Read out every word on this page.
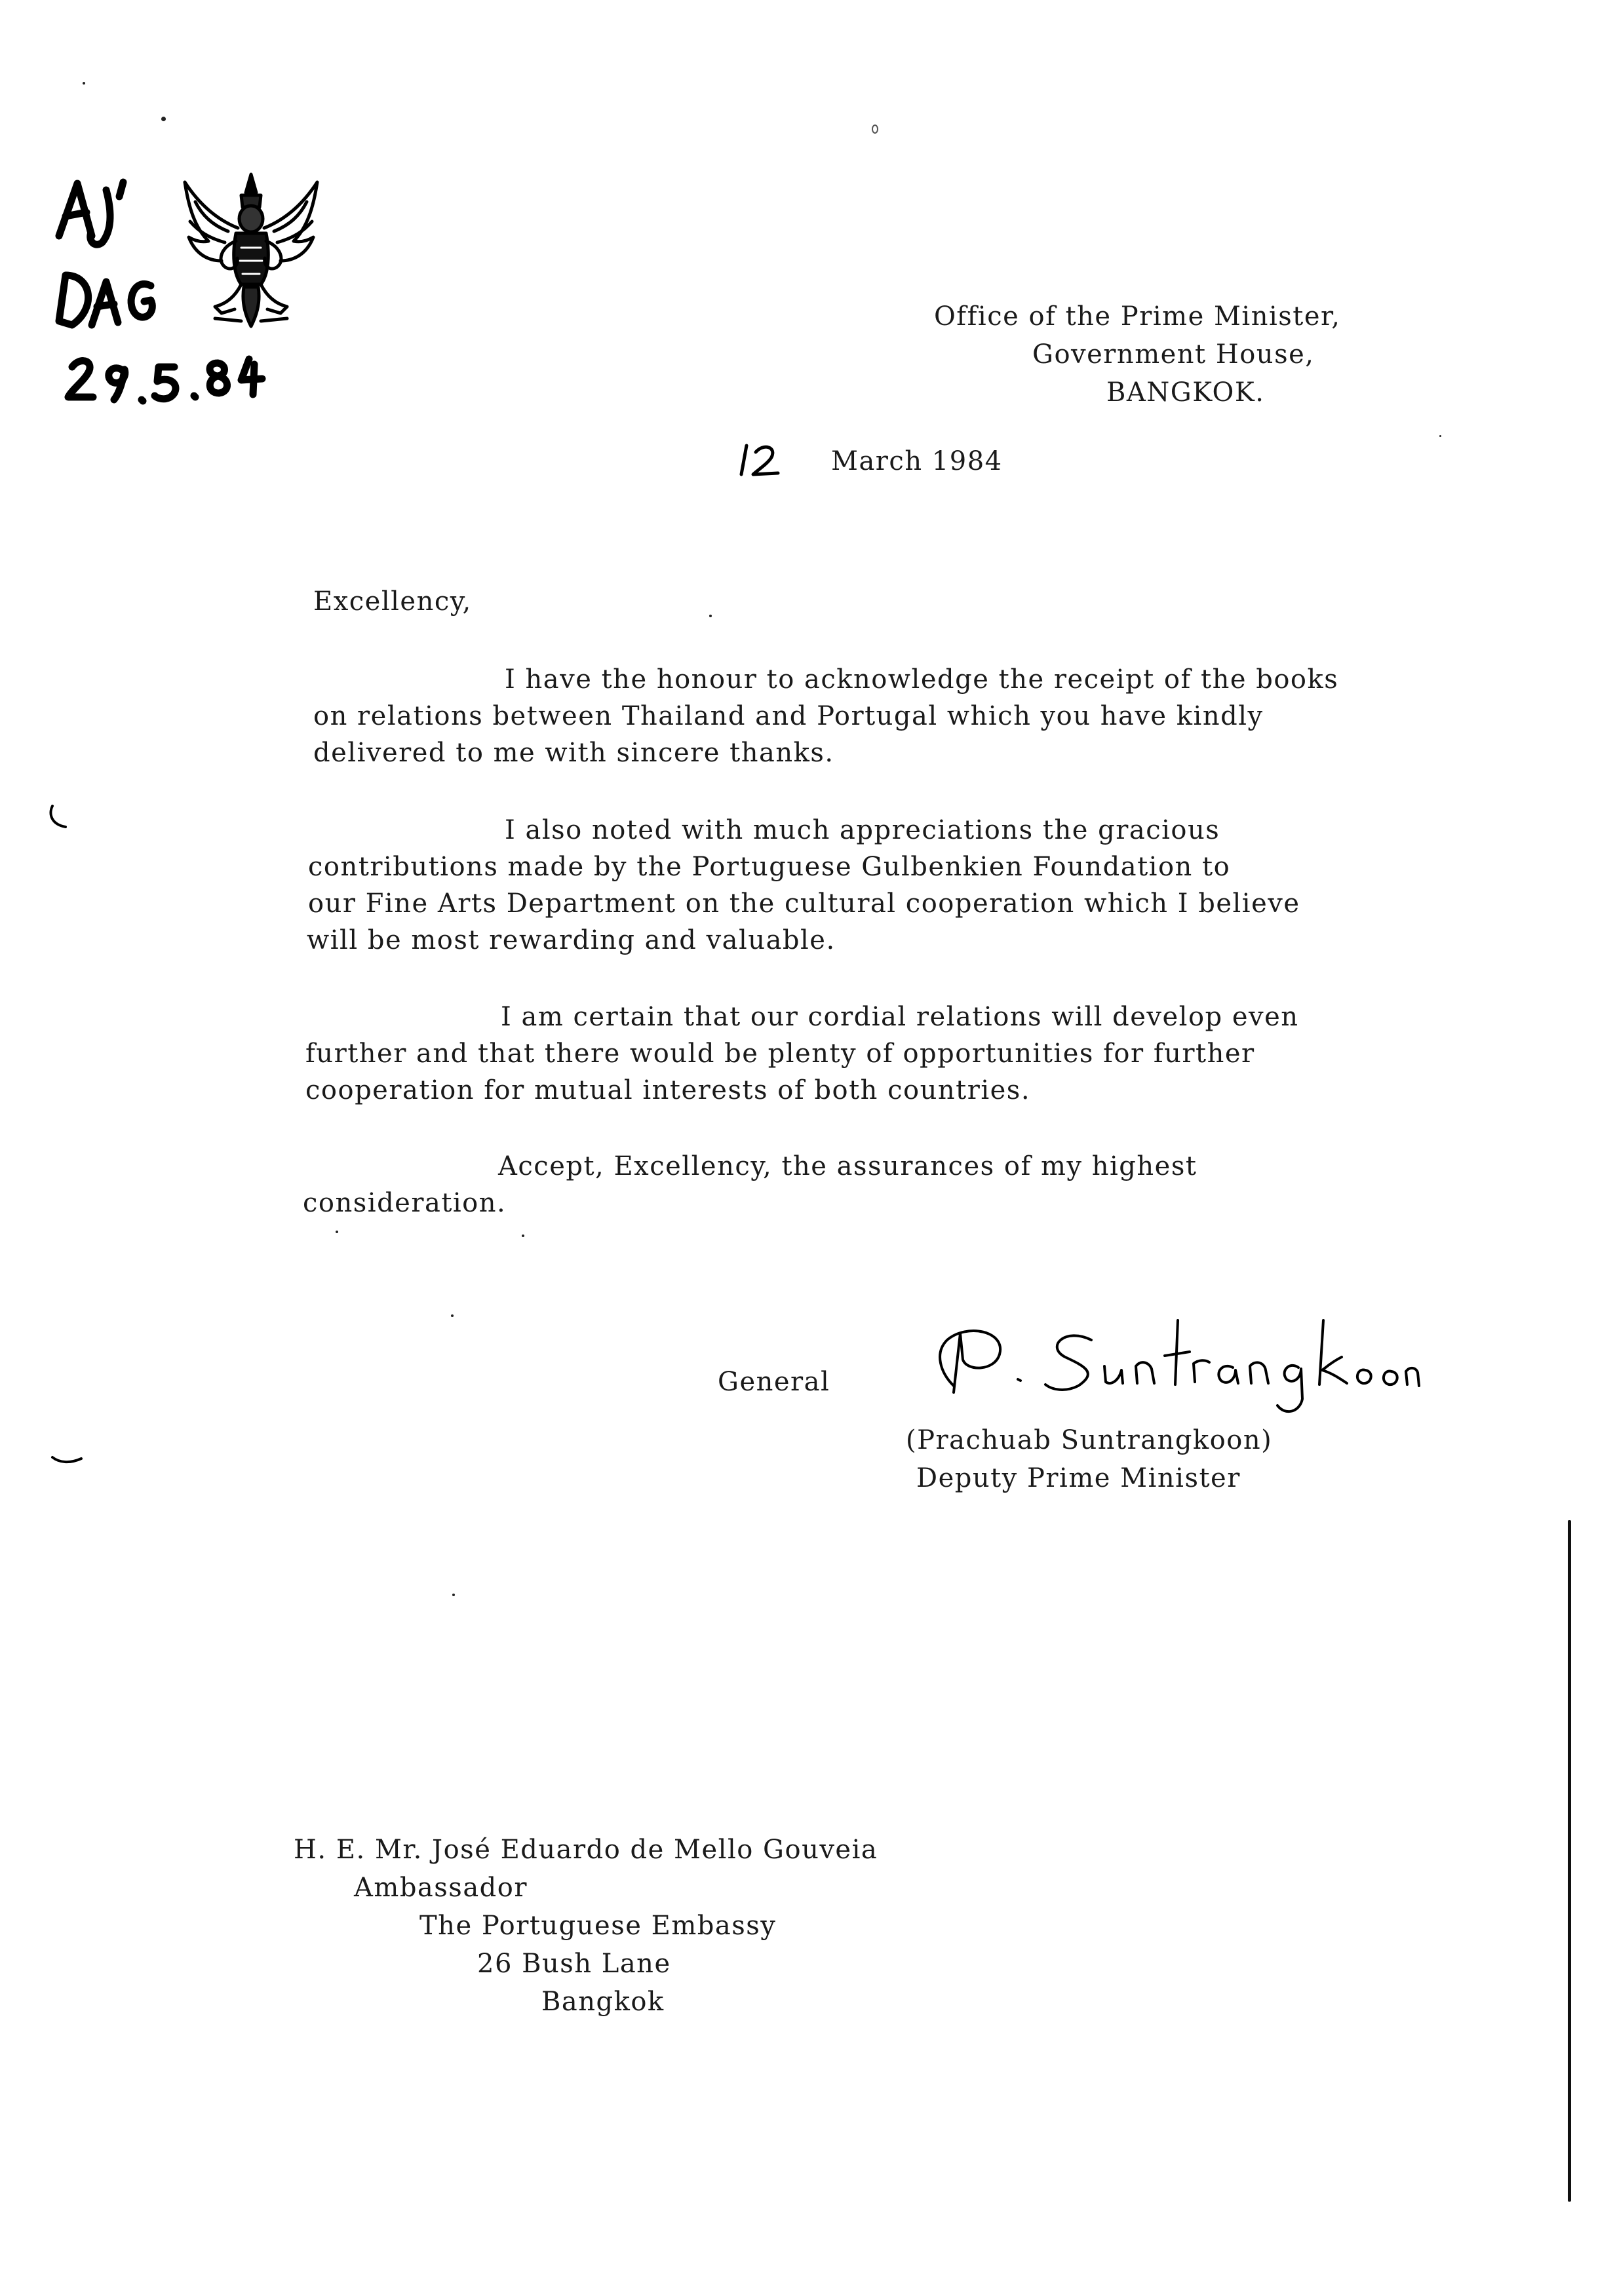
Office of the Prime Minister,
Government House,
BANGKOK.
March 1984
Excellency,
I have the honour to acknowledge the receipt of the books
on relations between Thailand and Portugal which you have kindly
delivered to me with sincere thanks.
I also noted with much appreciations the gracious
contributions made by the Portuguese Gulbenkien Foundation to
our Fine Arts Department on the cultural cooperation which I believe
will be most rewarding and valuable.
I am certain that our cordial relations will develop even
further and that there would be plenty of opportunities for further
cooperation for mutual interests of both countries.
Accept, Excellency, the assurances of my highest
consideration.
General
(Prachuab Suntrangkoon)
Deputy Prime Minister
H. E. Mr. José Eduardo de Mello Gouveia
Ambassador
The Portuguese Embassy
26 Bush Lane
Bangkok
